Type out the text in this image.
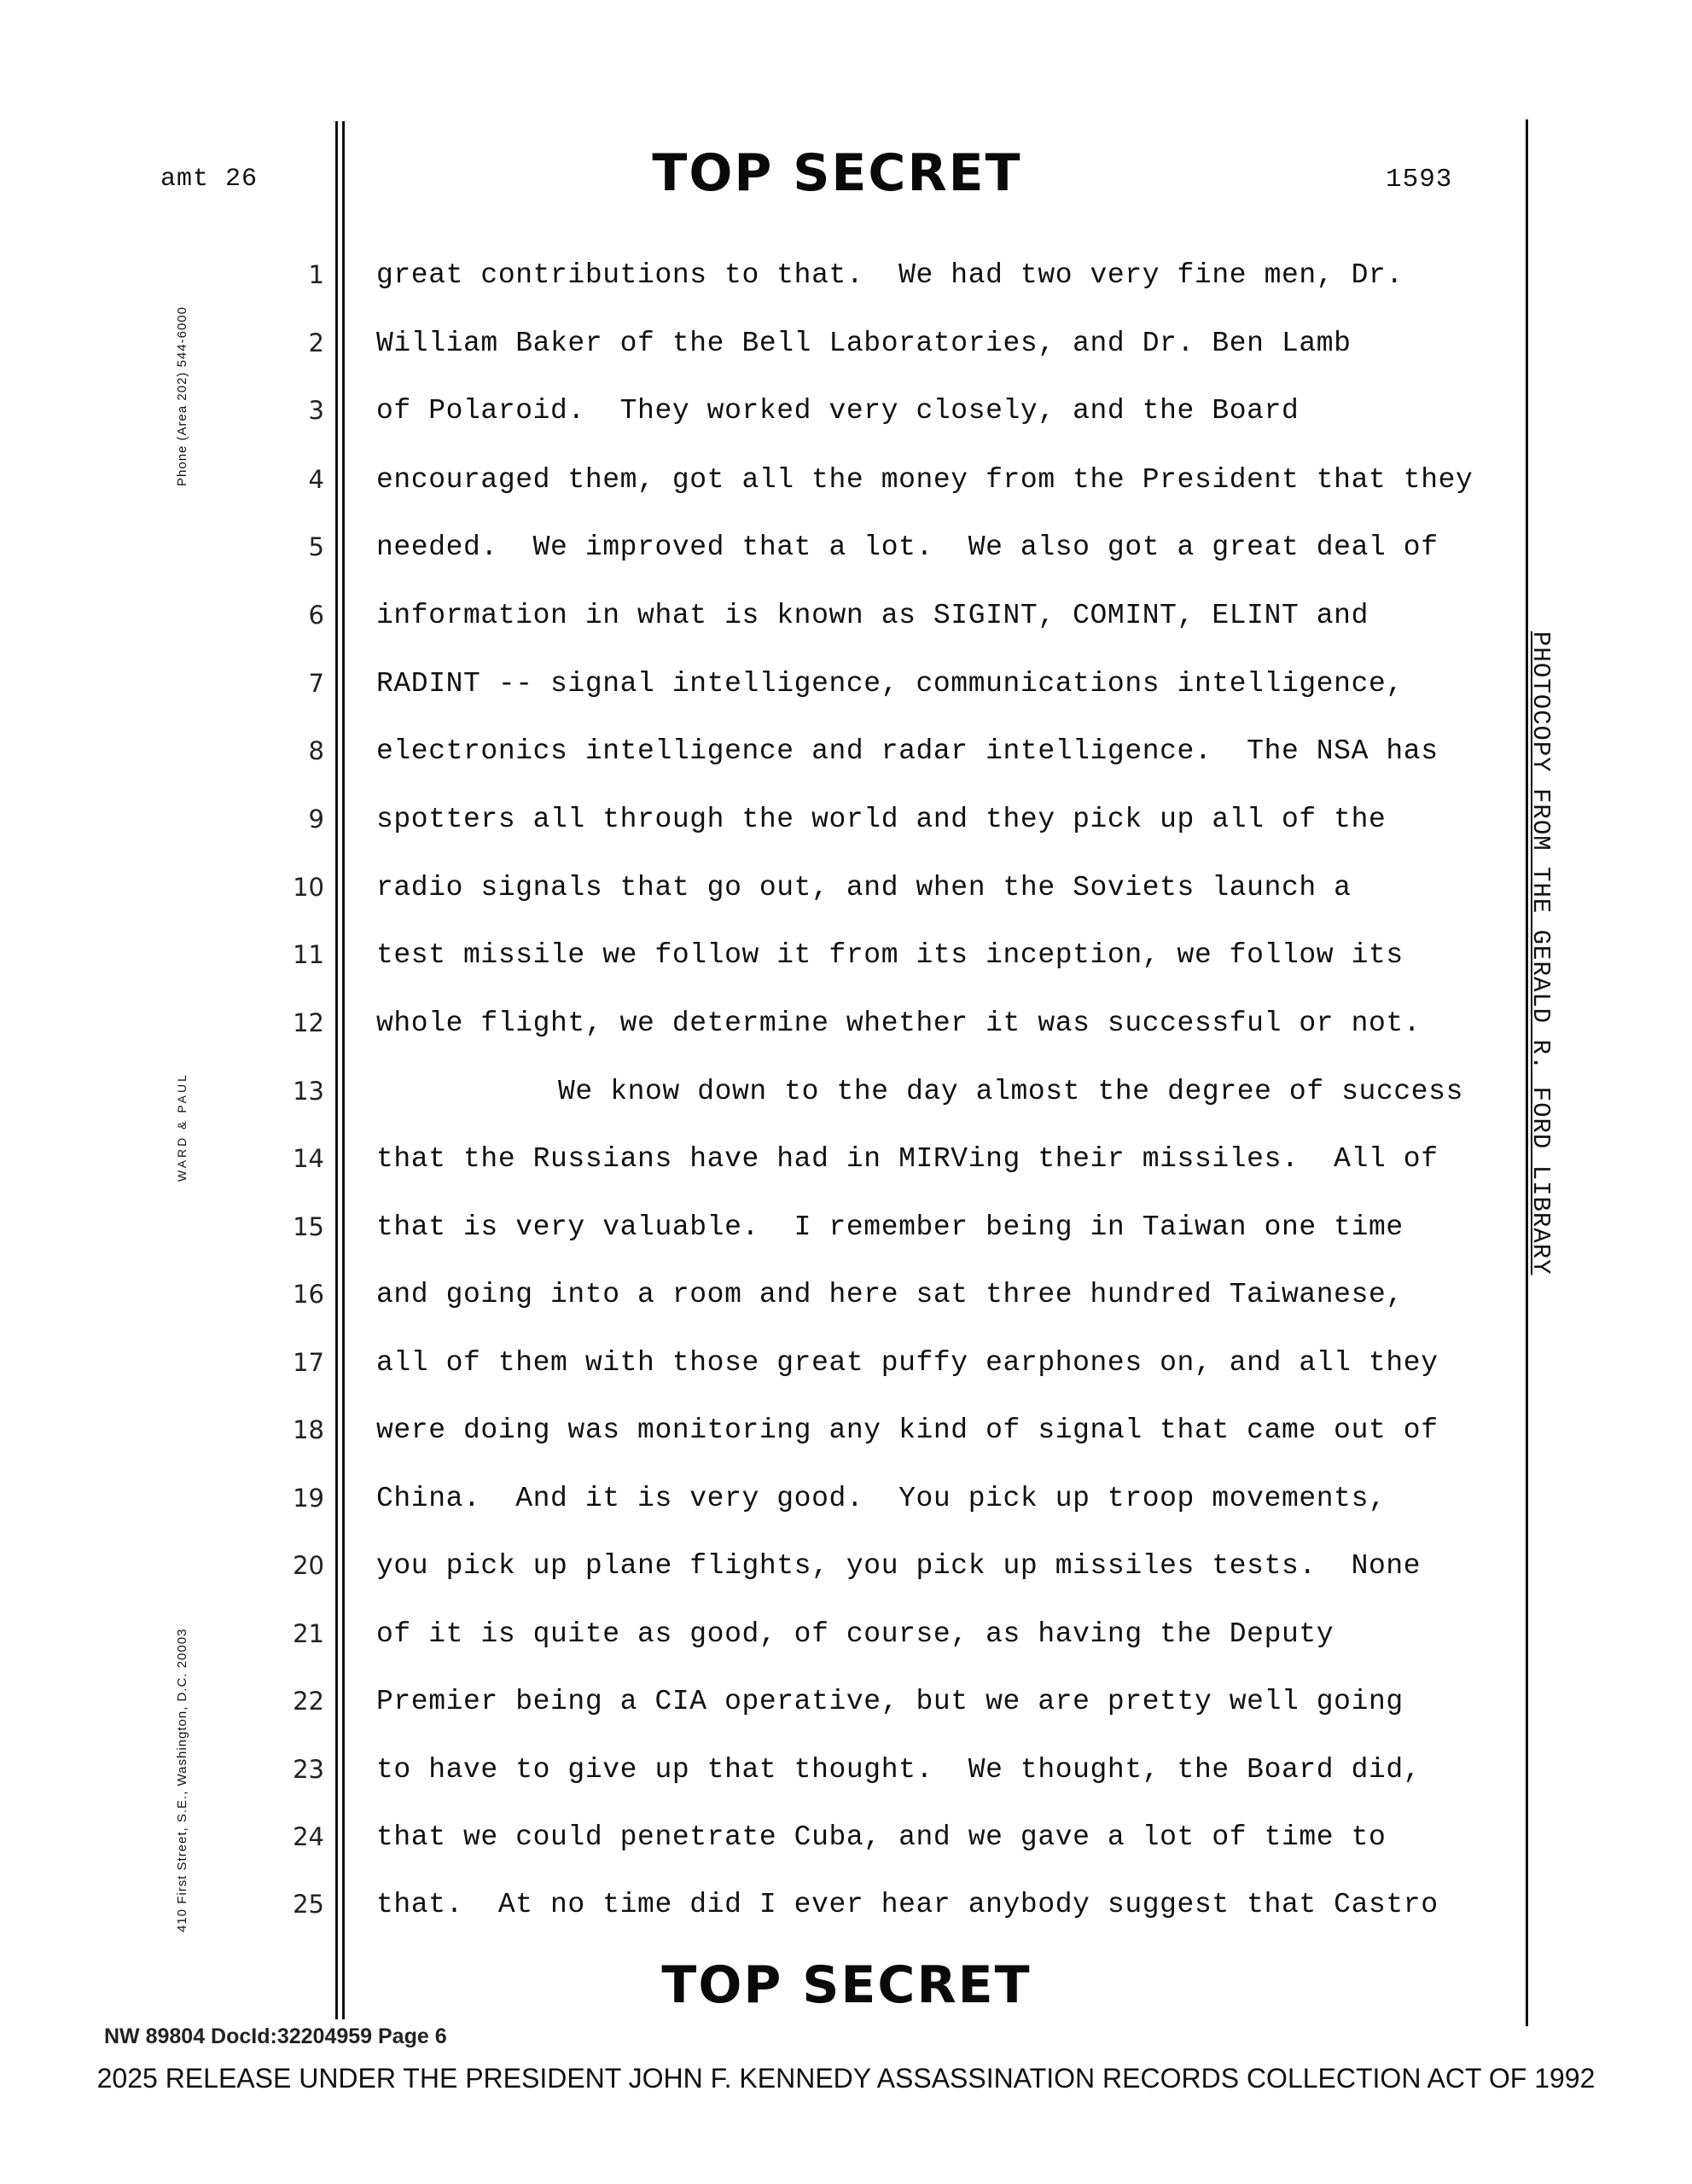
amt 26	TOP SECRET	1593
Phone (Area 202) 544-6000
WARD & PAUL
410 First Street, S.E., Washington, D.C. 20003
PHOTOCOPY FROM THE GERALD R. FORD LIBRARY
1
2
3
4
5
6
7
8
9
10
11
12
13
14
15
16
17
18
19
20
21
22
23
24
25
great contributions to that.  We had two very fine men, Dr.
William Baker of the Bell Laboratories, and Dr. Ben Lamb
of Polaroid.  They worked very closely, and the Board
encouraged them, got all the money from the President that they
needed.  We improved that a lot.  We also got a great deal of
information in what is known as SIGINT, COMINT, ELINT and
RADINT -- signal intelligence, communications intelligence,
electronics intelligence and radar intelligence.  The NSA has
spotters all through the world and they pick up all of the
radio signals that go out, and when the Soviets launch a
test missile we follow it from its inception, we follow its
whole flight, we determine whether it was successful or not.
We know down to the day almost the degree of success
that the Russians have had in MIRVing their missiles.  All of
that is very valuable.  I remember being in Taiwan one time
and going into a room and here sat three hundred Taiwanese,
all of them with those great puffy earphones on, and all they
were doing was monitoring any kind of signal that came out of
China.  And it is very good.  You pick up troop movements,
you pick up plane flights, you pick up missiles tests.  None
of it is quite as good, of course, as having the Deputy
Premier being a CIA operative, but we are pretty well going
to have to give up that thought.  We thought, the Board did,
that we could penetrate Cuba, and we gave a lot of time to
that.  At no time did I ever hear anybody suggest that Castro
TOP SECRET
NW 89804 DocId:32204959 Page 6
2025 RELEASE UNDER THE PRESIDENT JOHN F. KENNEDY ASSASSINATION RECORDS COLLECTION ACT OF 1992
